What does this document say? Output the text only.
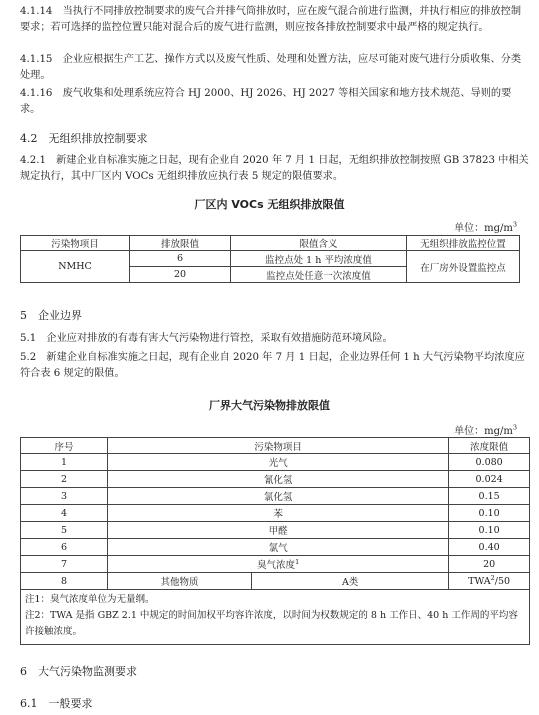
4.1.14　当执行不同排放控制要求的废气合并排气筒排放时，应在废气混合前进行监测，并执行相应的排放控制要求；若可选择的监控位置只能对混合后的废气进行监测，则应按各排放控制要求中最严格的规定执行。
4.1.15　企业应根据生产工艺、操作方式以及废气性质、处理和处置方法，应尽可能对废气进行分质收集、分类处理。
4.1.16　废气收集和处理系统应符合 HJ 2000、HJ 2026、HJ 2027 等相关国家和地方技术规范、导则的要求。
4.2　无组织排放控制要求
4.2.1　新建企业自标准实施之日起，现有企业自 2020 年 7 月 1 日起，无组织排放控制按照 GB 37823 中相关规定执行，其中厂区内 VOCs 无组织排放应执行表 5 规定的限值要求。
厂区内 VOCs 无组织排放限值
单位：$mg/m^3$
污染物项目	排放限值	限值含义	无组织排放监控位置
NMHC	6	监控点处 1 h 平均浓度值	在厂房外设置监控点
	20	监控点处任意一次浓度值	
5　企业边界
5.1　企业应对排放的有毒有害大气污染物进行管控，采取有效措施防范环境风险。
5.2　新建企业自标准实施之日起，现有企业自 2020 年 7 月 1 日起，企业边界任何 1 h 大气污染物平均浓度应符合表 6 规定的限值。
厂界大气污染物排放限值
单位：$mg/m^3$
序号	污染物项目		浓度限值
1	光气		0.080
2	氰化氢		0.024
3	氯化氢		0.15
4	苯		0.10
5	甲醛		0.10
6	氯气		0.40
7	臭气浓度$^1$		20
8	其他物质	A类	TWA$^2$/50

注1：臭气浓度单位为无量纲。
注2：TWA 是指 GBZ 2.1 中规定的时间加权平均容许浓度，以时间为权数规定的 8 h 工作日、40 h 工作周的平均容许接触浓度。			
6　大气污染物监测要求
6.1　一般要求
